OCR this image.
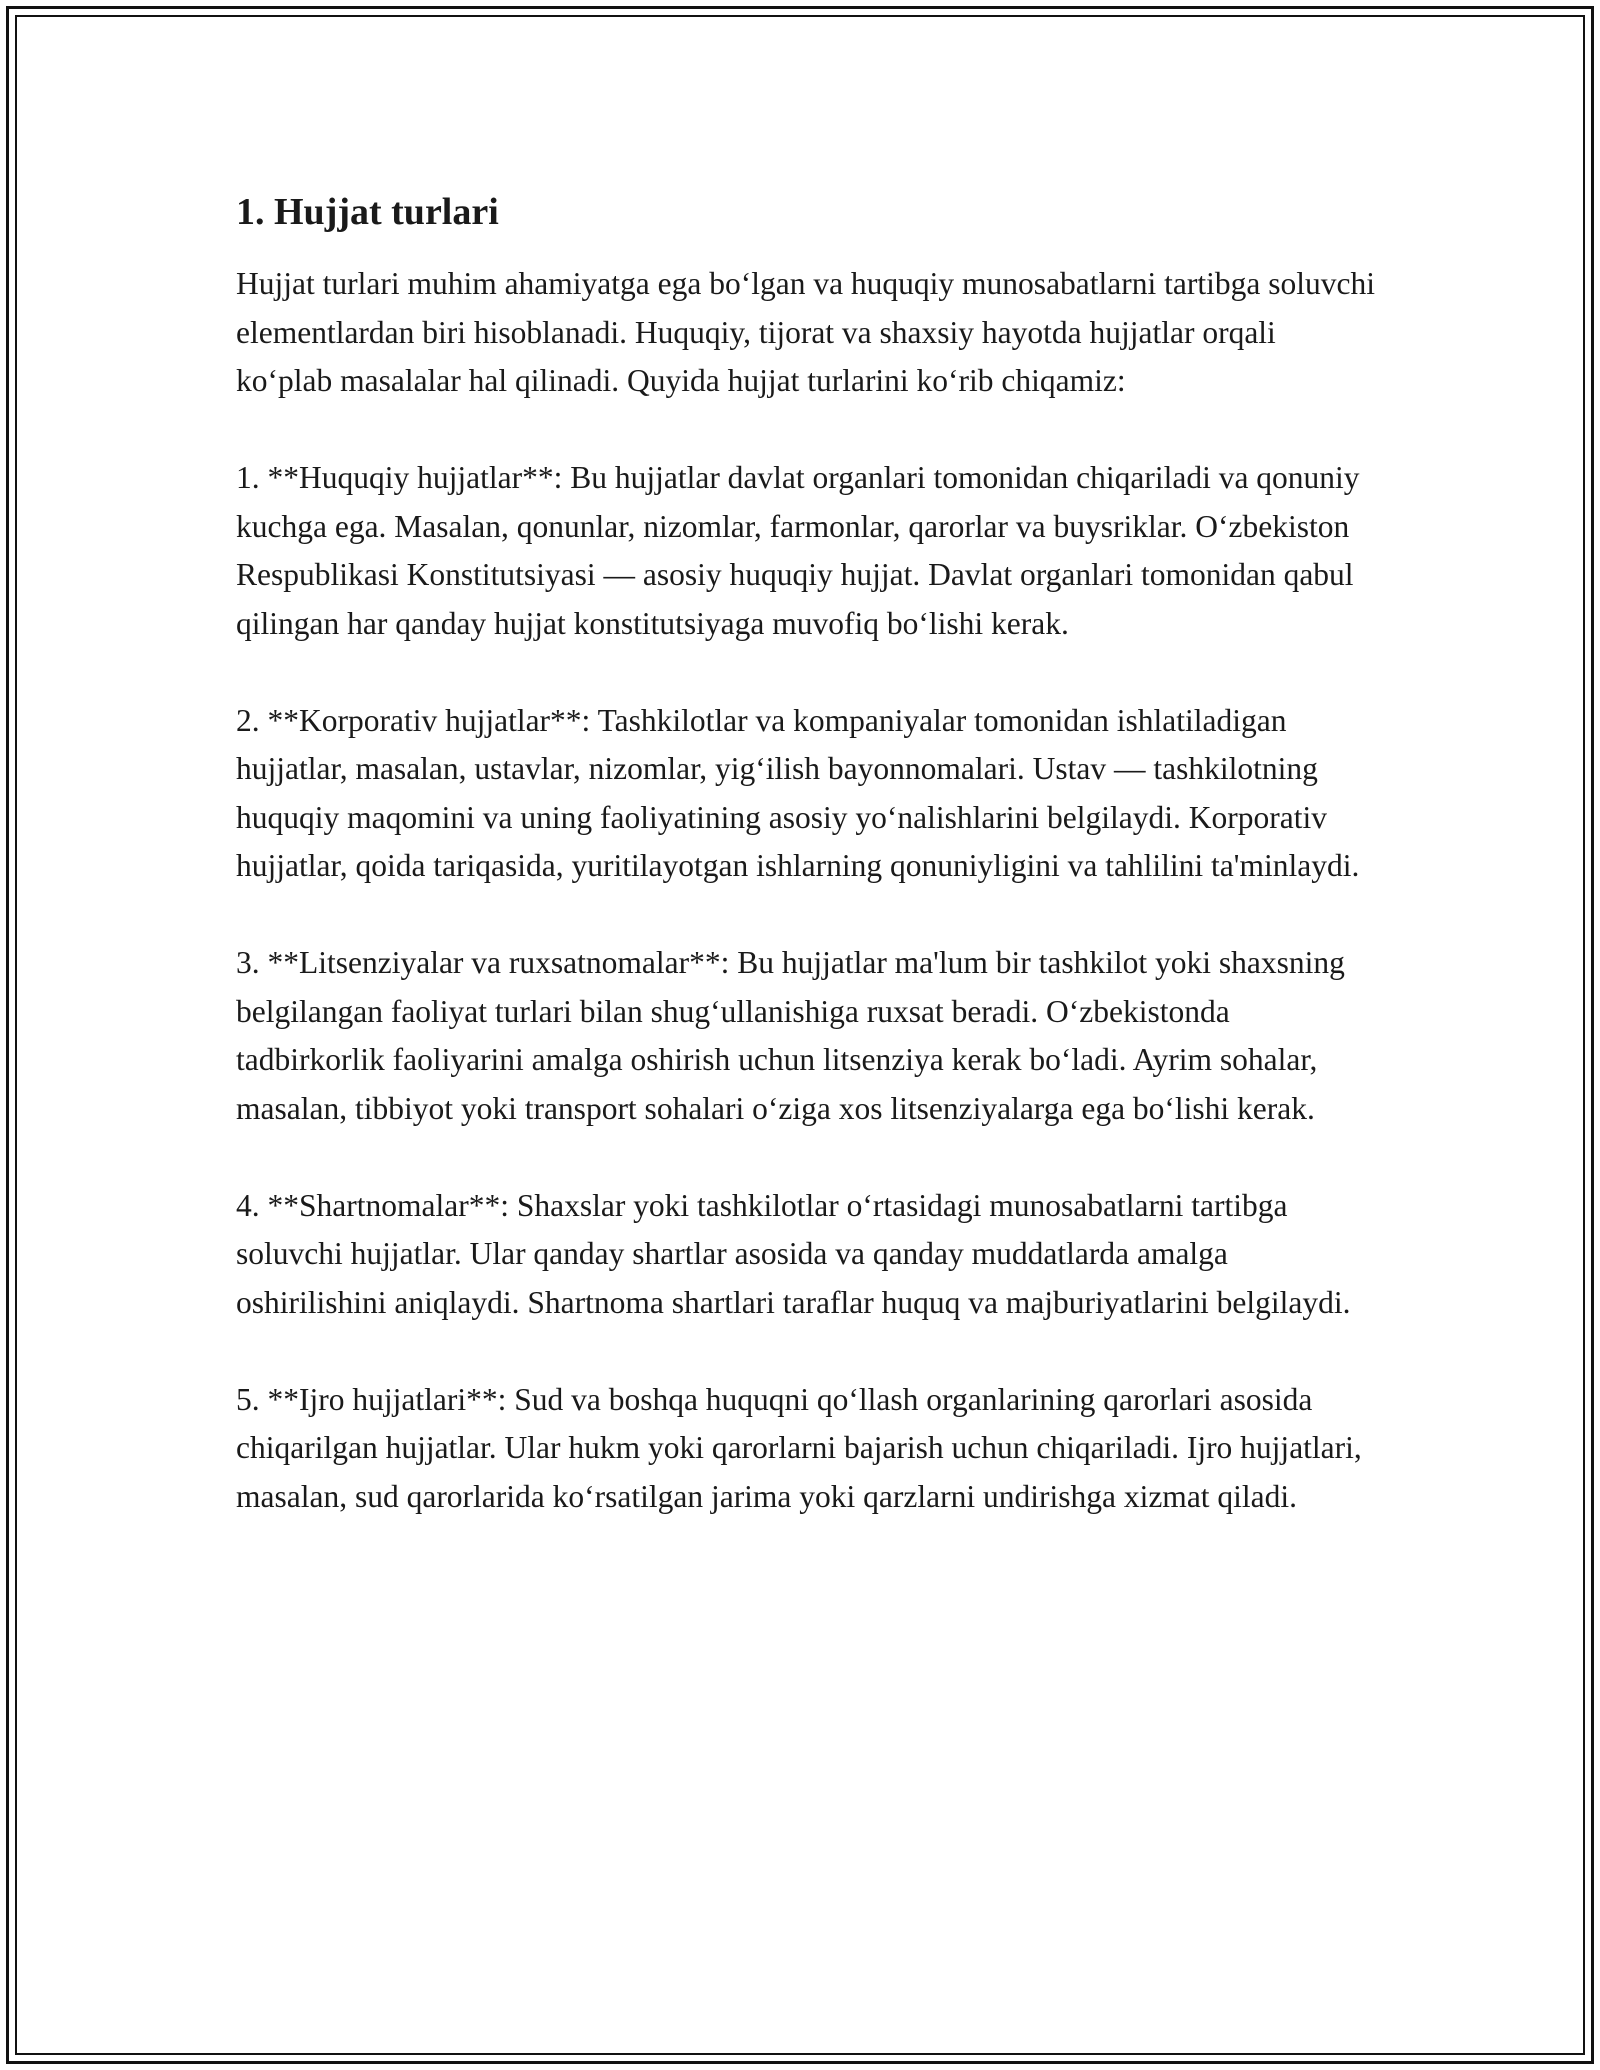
1. Hujjat turlari

Hujjat turlari muhim ahamiyatga ega bo‘lgan va huquqiy munosabatlarni tartibga soluvchi elementlardan biri hisoblanadi. Huquqiy, tijorat va shaxsiy hayotda hujjatlar orqali ko‘plab masalalar hal qilinadi. Quyida hujjat turlarini ko‘rib chiqamiz:

1. **Huquqiy hujjatlar**: Bu hujjatlar davlat organlari tomonidan chiqariladi va qonuniy kuchga ega. Masalan, qonunlar, nizomlar, farmonlar, qarorlar va buysriklar. O‘zbekiston Respublikasi Konstitutsiyasi — asosiy huquqiy hujjat. Davlat organlari tomonidan qabul qilingan har qanday hujjat konstitutsiyaga muvofiq bo‘lishi kerak.

2. **Korporativ hujjatlar**: Tashkilotlar va kompaniyalar tomonidan ishlatiladigan hujjatlar, masalan, ustavlar, nizomlar, yig‘ilish bayonnomalari. Ustav — tashkilotning huquqiy maqomini va uning faoliyatining asosiy yo‘nalishlarini belgilaydi. Korporativ hujjatlar, qoida tariqasida, yuritilayotgan ishlarning qonuniyligini va tahlilini ta'minlaydi.

3. **Litsenziyalar va ruxsatnomalar**: Bu hujjatlar ma'lum bir tashkilot yoki shaxsning belgilangan faoliyat turlari bilan shug‘ullanishiga ruxsat beradi. O‘zbekistonda tadbirkorlik faoliyarini amalga oshirish uchun litsenziya kerak bo‘ladi. Ayrim sohalar, masalan, tibbiyot yoki transport sohalari o‘ziga xos litsenziyalarga ega bo‘lishi kerak.

4. **Shartnomalar**: Shaxslar yoki tashkilotlar o‘rtasidagi munosabatlarni tartibga soluvchi hujjatlar. Ular qanday shartlar asosida va qanday muddatlarda amalga oshirilishini aniqlaydi. Shartnoma shartlari taraflar huquq va majburiyatlarini belgilaydi.

5. **Ijro hujjatlari**: Sud va boshqa huquqni qo‘llash organlarining qarorlari asosida chiqarilgan hujjatlar. Ular hukm yoki qarorlarni bajarish uchun chiqariladi. Ijro hujjatlari, masalan, sud qarorlarida ko‘rsatilgan jarima yoki qarzlarni undirishga xizmat qiladi.
